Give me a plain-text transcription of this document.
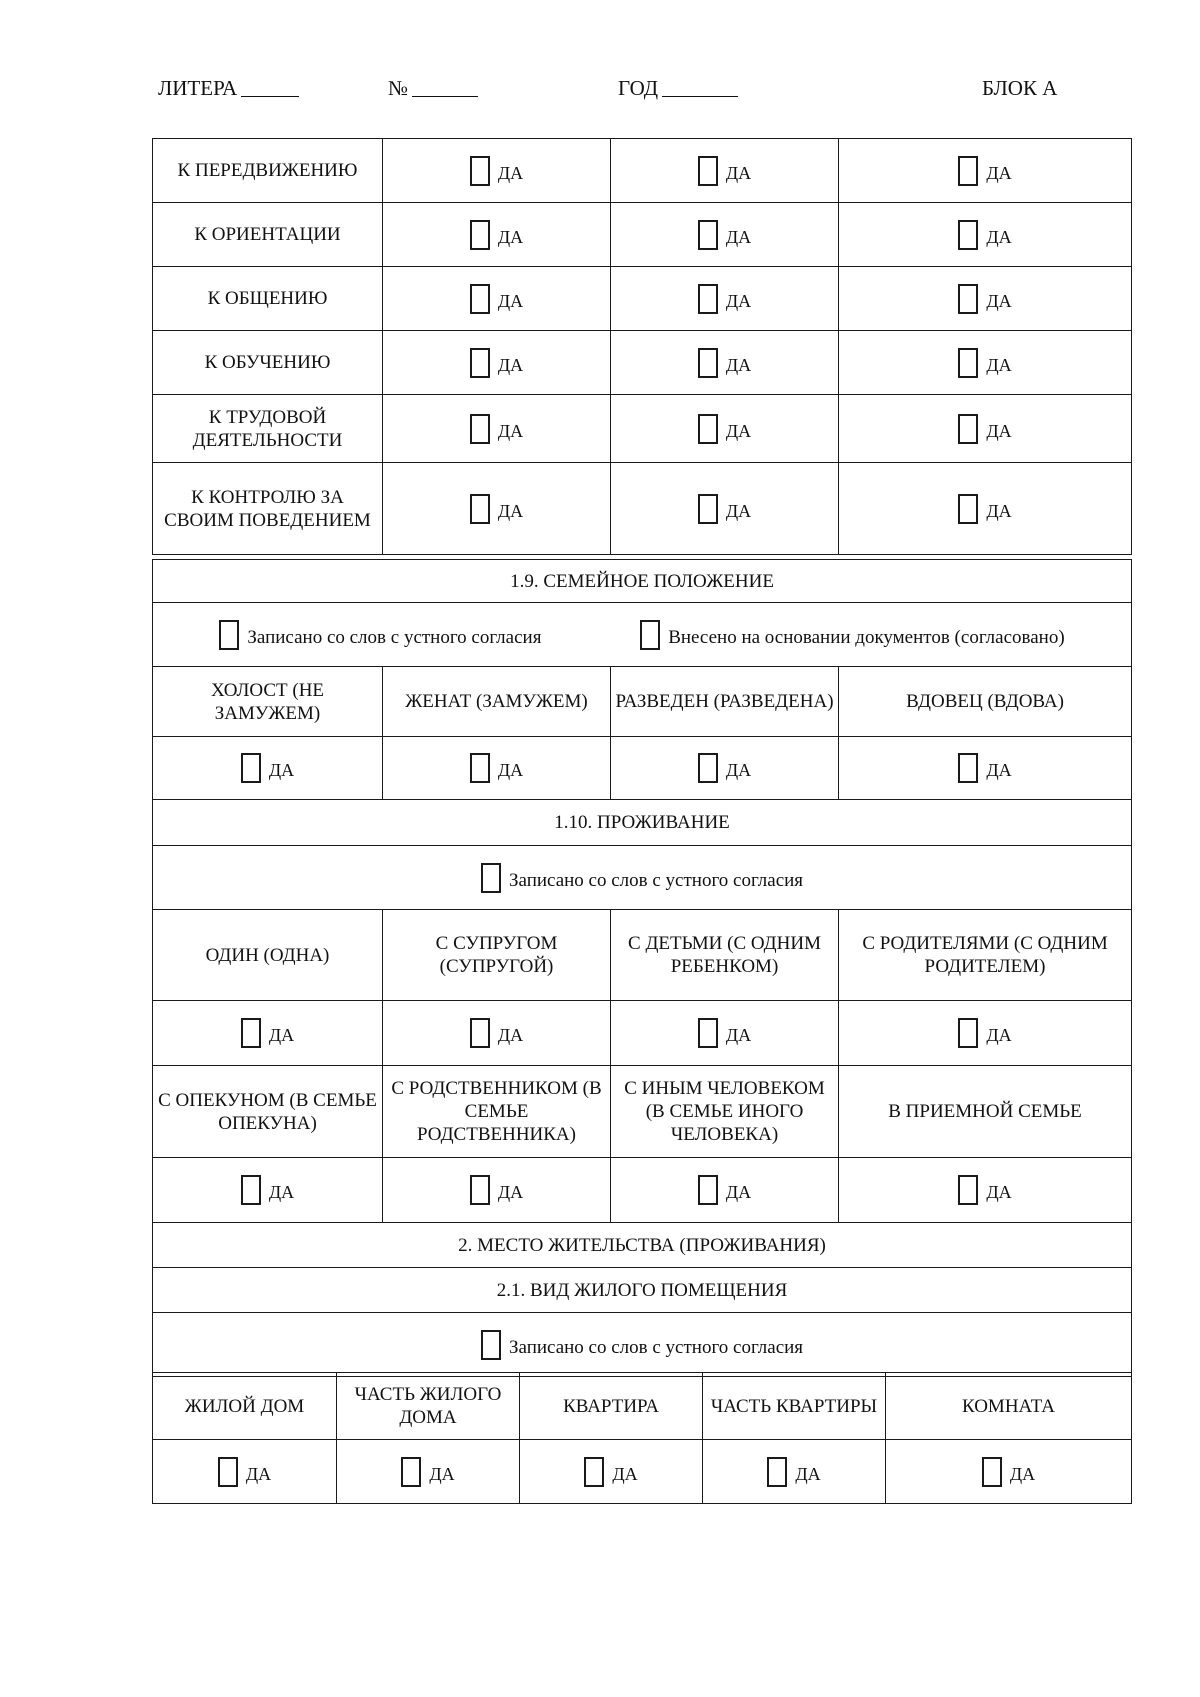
ЛИТЕРА	№	ГОД	БЛОК А
К ПЕРЕДВИЖЕНИЮ	ДА	ДА	ДА
К ОРИЕНТАЦИИ	ДА	ДА	ДА
К ОБЩЕНИЮ	ДА	ДА	ДА
К ОБУЧЕНИЮ	ДА	ДА	ДА
К ТРУДОВОЙ ДЕЯТЕЛЬНОСТИ	ДА	ДА	ДА
К КОНТРОЛЮ ЗА СВОИМ ПОВЕДЕНИЕМ	ДА	ДА	ДА
1.9. СЕМЕЙНОЕ ПОЛОЖЕНИЕ			
Записано со слов с устного согласия Внесено на основании документов (согласовано)			
ХОЛОСТ (НЕ ЗАМУЖЕМ)	ЖЕНАТ (ЗАМУЖЕМ)	РАЗВЕДЕН (РАЗВЕДЕНА)	ВДОВЕЦ (ВДОВА)
ДА	ДА	ДА	ДА
1.10. ПРОЖИВАНИЕ			
Записано со слов с устного согласия			
ОДИН (ОДНА)	С СУПРУГОМ (СУПРУГОЙ)	С ДЕТЬМИ (С ОДНИМ РЕБЕНКОМ)	С РОДИТЕЛЯМИ (С ОДНИМ РОДИТЕЛЕМ)
ДА	ДА	ДА	ДА
С ОПЕКУНОМ (В СЕМЬЕ ОПЕКУНА)	С РОДСТВЕННИКОМ (В СЕМЬЕ РОДСТВЕННИКА)	С ИНЫМ ЧЕЛОВЕКОМ (В СЕМЬЕ ИНОГО ЧЕЛОВЕКА)	В ПРИЕМНОЙ СЕМЬЕ
ДА	ДА	ДА	ДА
2. МЕСТО ЖИТЕЛЬСТВА (ПРОЖИВАНИЯ)			
2.1. ВИД ЖИЛОГО ПОМЕЩЕНИЯ			
Записано со слов с устного согласия			
ЖИЛОЙ ДОМ	ЧАСТЬ ЖИЛОГО ДОМА	КВАРТИРА	ЧАСТЬ КВАРТИРЫ	КОМНАТА
ДА	ДА	ДА	ДА	ДА
